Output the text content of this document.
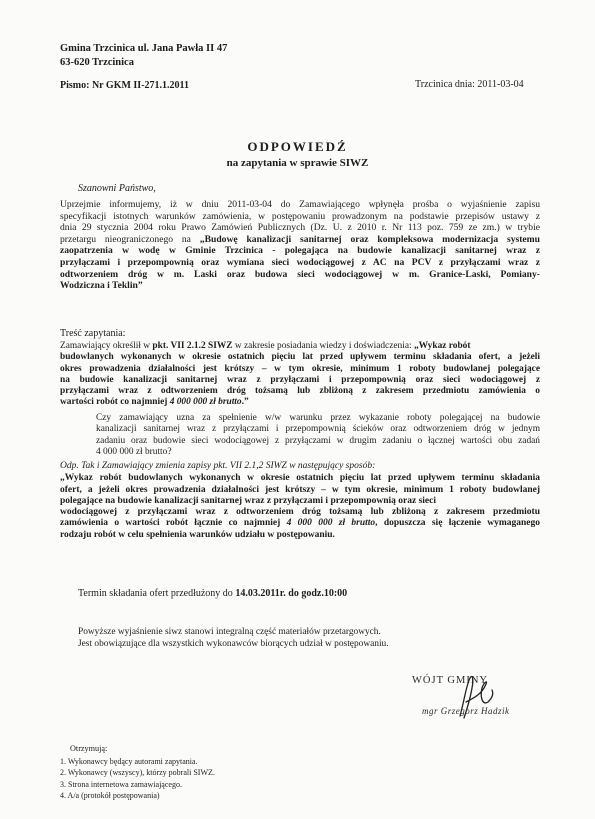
Gmina Trzcinica ul. Jana Pawła II 47
63-620 Trzcinica
Pismo: Nr GKM II-271.1.2011	Trzcinica dnia: 2011-03-04
ODPOWIEDŹ
na zapytania w sprawie SIWZ
Szanowni Państwo,
Uprzejmie informujemy, iż w dniu 2011-03-04 do Zamawiającego wpłynęła prośba o wyjaśnienie zapisu
specyfikacji istotnych warunków zamówienia, w postępowaniu prowadzonym na podstawie przepisów ustawy z
dnia 29 stycznia 2004 roku Prawo Zamówień Publicznych (Dz. U. z 2010 r. Nr 113 poz. 759 ze zm.) w trybie
przetargu nieograniczonego na „Budowę kanalizacji sanitarnej oraz kompleksowa modernizacja systemu
zaopatrzenia w wodę w Gminie Trzcinica - polegająca na budowie kanalizacji sanitarnej wraz z
przyłączami i przepompownią oraz wymiana sieci wodociągowej z AC na PCV z przyłączami wraz z
odtworzeniem dróg w m. Laski oraz budowa sieci wodociągowej w m. Granice-Laski, Pomiany-
Wodziczna i Teklin”
Treść zapytania:
Zamawiający określił w pkt. VII 2.1.2 SIWZ w zakresie posiadania wiedzy i doświadczenia: „Wykaz robót
budowlanych wykonanych w okresie ostatnich pięciu lat przed upływem terminu składania ofert, a jeżeli
okres prowadzenia działalności jest krótszy – w tym okresie, minimum 1 roboty budowlanej polegające
na budowie kanalizacji sanitarnej wraz z przyłączami i przepompownią oraz sieci wodociągowej z
przyłączami wraz z odtworzeniem dróg tożsamą lub zbliżoną z zakresem przedmiotu zamówienia o
wartości robót co najmniej 4 000 000 zł brutto.”
Czy zamawiający uzna za spełnienie w/w warunku przez wykazanie roboty polegającej na budowie
kanalizacji sanitarnej wraz z przyłączami i przepompownią ścieków oraz odtworzeniem dróg w jednym
zadaniu oraz budowie sieci wodociągowej z przyłączami w drugim zadaniu o łącznej wartości obu zadań
4 000 000 zł brutto?
Odp. Tak i Zamawiający zmienia zapisy pkt. VII 2.1,2 SIWZ w następujący sposób:
„Wykaz robót budowlanych wykonanych w okresie ostatnich pięciu lat przed upływem terminu składania
ofert, a jeżeli okres prowadzenia działalności jest krótszy – w tym okresie, minimum 1 roboty budowlanej
polegające na budowie kanalizacji sanitarnej wraz z przyłączami i przepompownią oraz sieci
wodociągowej z przyłączami wraz z odtworzeniem dróg tożsamą lub zbliżoną z zakresem przedmiotu
zamówienia o wartości robót łącznie co najmniej 4 000 000 zł brutto, dopuszcza się łączenie wymaganego
rodzaju robót w celu spełnienia warunków udziału w postępowaniu.
Termin składania ofert przedłużony do 14.03.2011r. do godz.10:00
Powyższe wyjaśnienie siwz stanowi integralną część materiałów przetargowych.
Jest obowiązujące dla wszystkich wykonawców biorących udział w postępowaniu.
WÓJT GMINY
mgr Grzegorz Hadzik
Otrzymują:
1. Wykonawcy będący autorami zapytania.
2. Wykonawcy (wszyscy), którzy pobrali SIWZ.
3. Strona internetowa zamawiającego.
4. A/a (protokół postępowania)
